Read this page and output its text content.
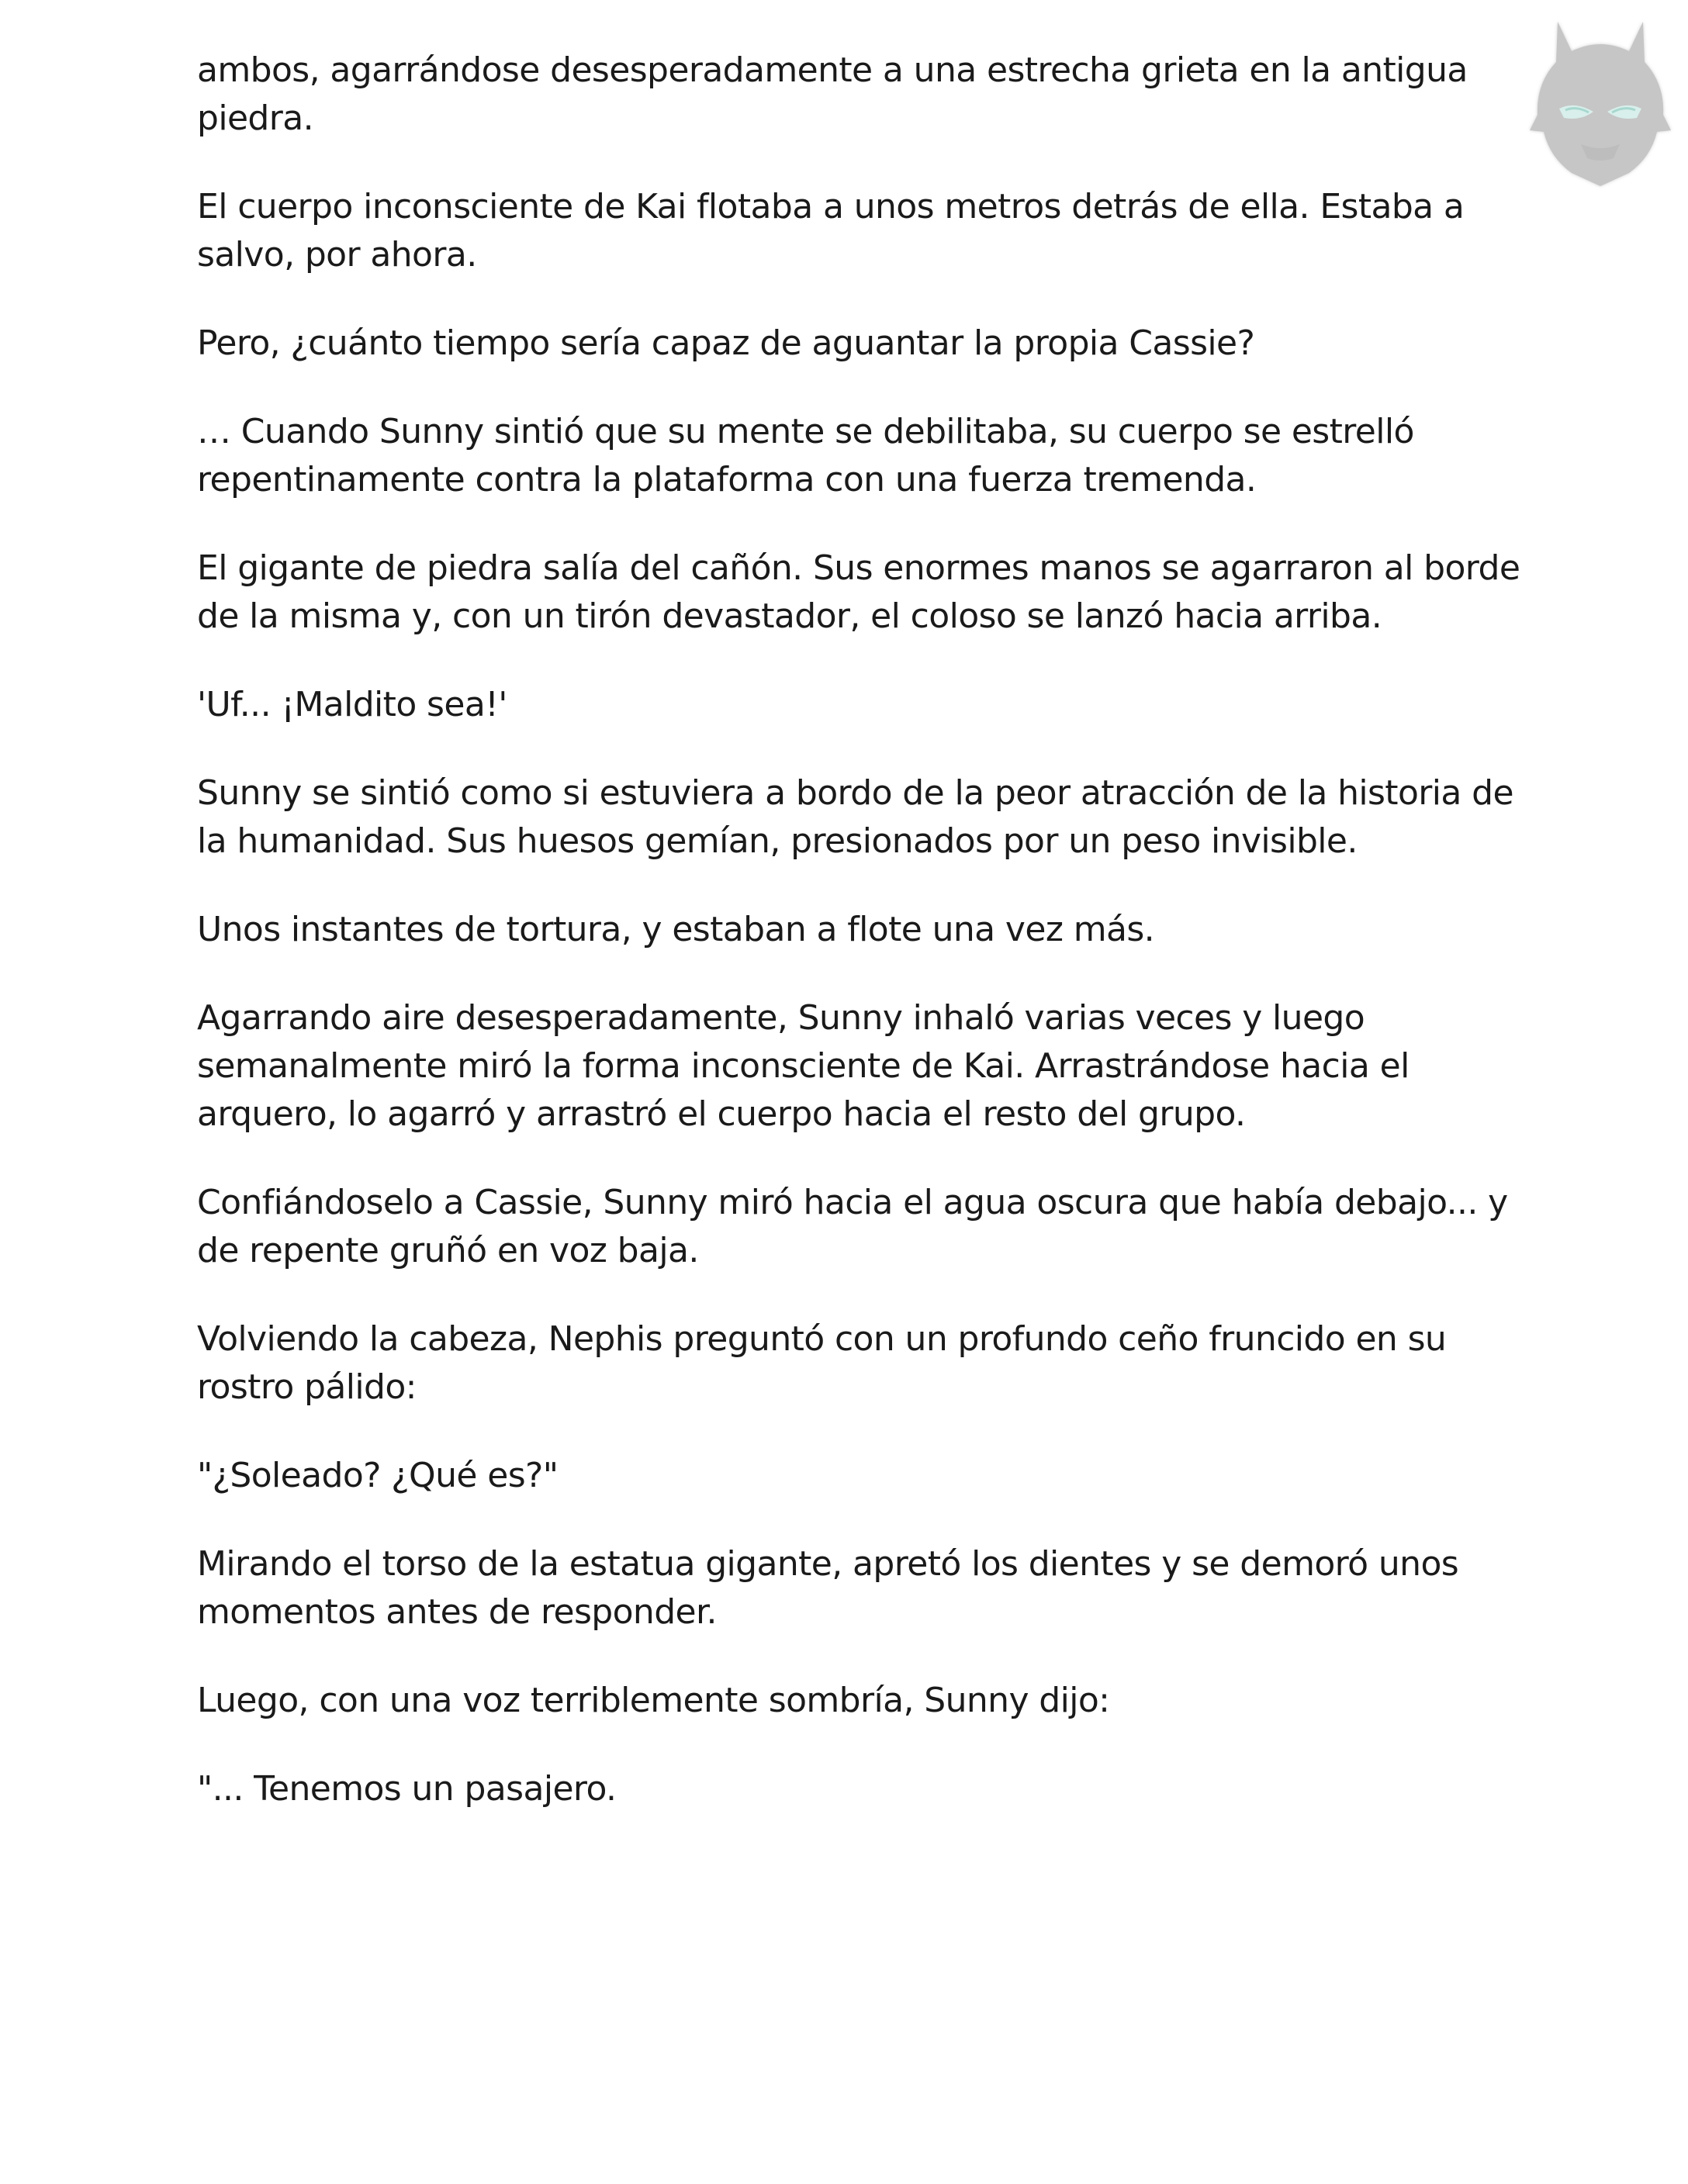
ambos, agarrándose desesperadamente a una estrecha grieta en la antigua piedra.

El cuerpo inconsciente de Kai flotaba a unos metros detrás de ella. Estaba a salvo, por ahora.

Pero, ¿cuánto tiempo sería capaz de aguantar la propia Cassie?

… Cuando Sunny sintió que su mente se debilitaba, su cuerpo se estrelló repentinamente contra la plataforma con una fuerza tremenda.

El gigante de piedra salía del cañón. Sus enormes manos se agarraron al borde de la misma y, con un tirón devastador, el coloso se lanzó hacia arriba.

'Uf... ¡Maldito sea!'

Sunny se sintió como si estuviera a bordo de la peor atracción de la historia de la humanidad. Sus huesos gemían, presionados por un peso invisible.

Unos instantes de tortura, y estaban a flote una vez más.

Agarrando aire desesperadamente, Sunny inhaló varias veces y luego semanalmente miró la forma inconsciente de Kai. Arrastrándose hacia el arquero, lo agarró y arrastró el cuerpo hacia el resto del grupo.

Confiándoselo a Cassie, Sunny miró hacia el agua oscura que había debajo... y de repente gruñó en voz baja.

Volviendo la cabeza, Nephis preguntó con un profundo ceño fruncido en su rostro pálido:

"¿Soleado? ¿Qué es?"

Mirando el torso de la estatua gigante, apretó los dientes y se demoró unos momentos antes de responder.

Luego, con una voz terriblemente sombría, Sunny dijo:

"... Tenemos un pasajero.
